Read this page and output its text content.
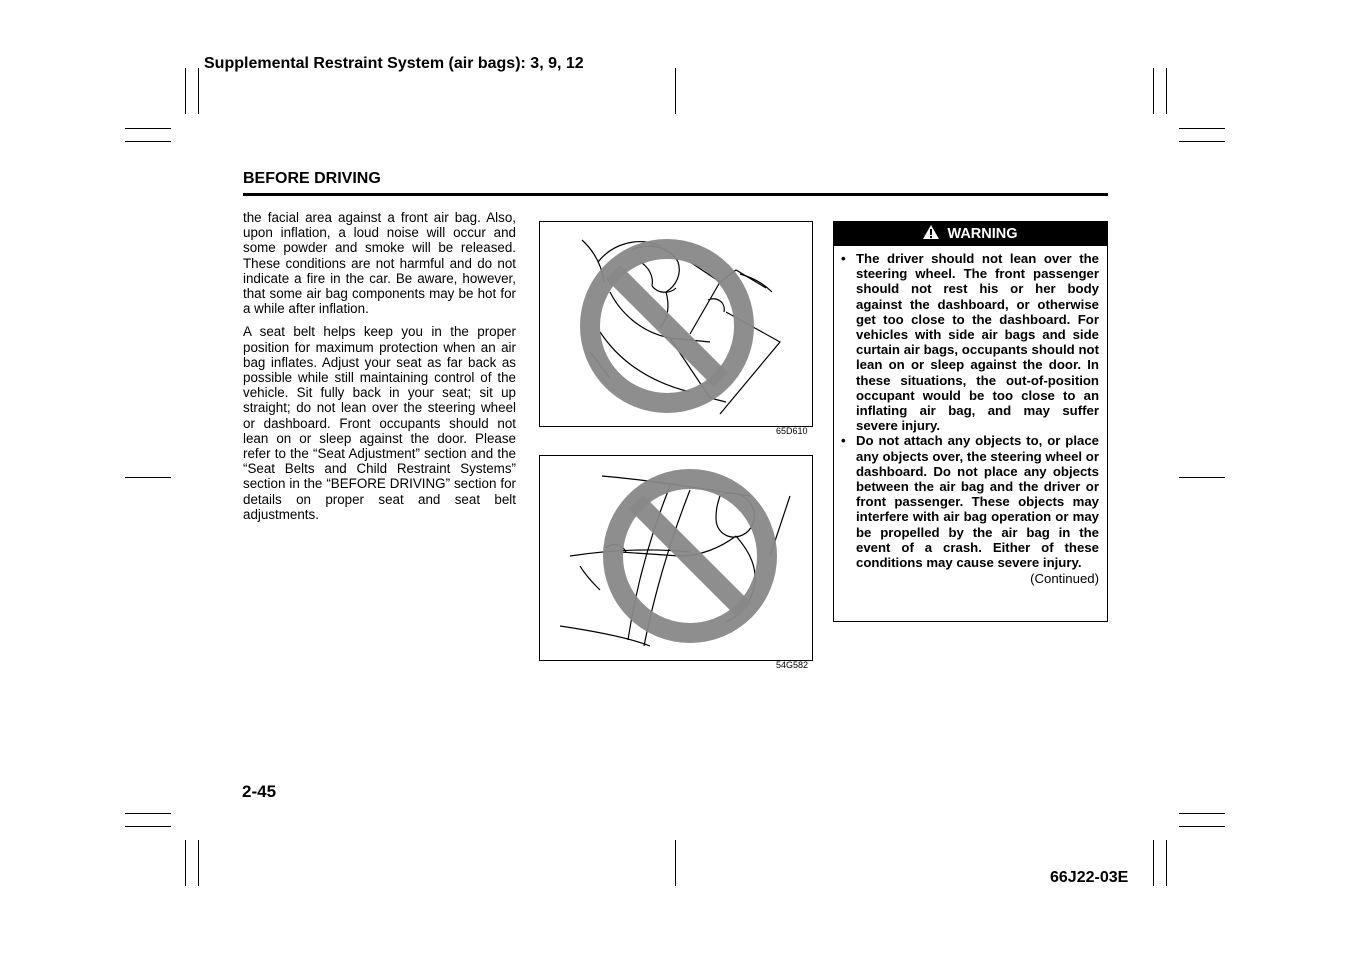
Supplemental Restraint System (air bags): 3, 9, 12
BEFORE DRIVING

the facial area against a front air bag. Also, upon inflation, a loud noise will occur and some powder and smoke will be released. These conditions are not harmful and do not indicate a fire in the car. Be aware, however, that some air bag components may be hot for a while after inflation.

A seat belt helps keep you in the proper position for maximum protection when an air bag inflates. Adjust your seat as far back as possible while still maintaining control of the vehicle. Sit fully back in your seat; sit up straight; do not lean over the steering wheel or dashboard. Front occupants should not lean on or sleep against the door. Please refer to the “Seat Adjustment” section and the “Seat Belts and Child Restraint Systems” section in the “BEFORE DRIVING” section for details on proper seat and seat belt adjustments.

65D610
54G582
WARNING
• The driver should not lean over the steering wheel. The front passenger should not rest his or her body against the dashboard, or otherwise get too close to the dashboard. For vehicles with side air bags and side curtain air bags, occupants should not lean on or sleep against the door. In these situations, the out-of-position occupant would be too close to an inflating air bag, and may suffer severe injury.
• Do not attach any objects to, or place any objects over, the steering wheel or dashboard. Do not place any objects between the air bag and the driver or front passenger. These objects may interfere with air bag operation or may be propelled by the air bag in the event of a crash. Either of these conditions may cause severe injury.
(Continued)
2-45
66J22-03E
